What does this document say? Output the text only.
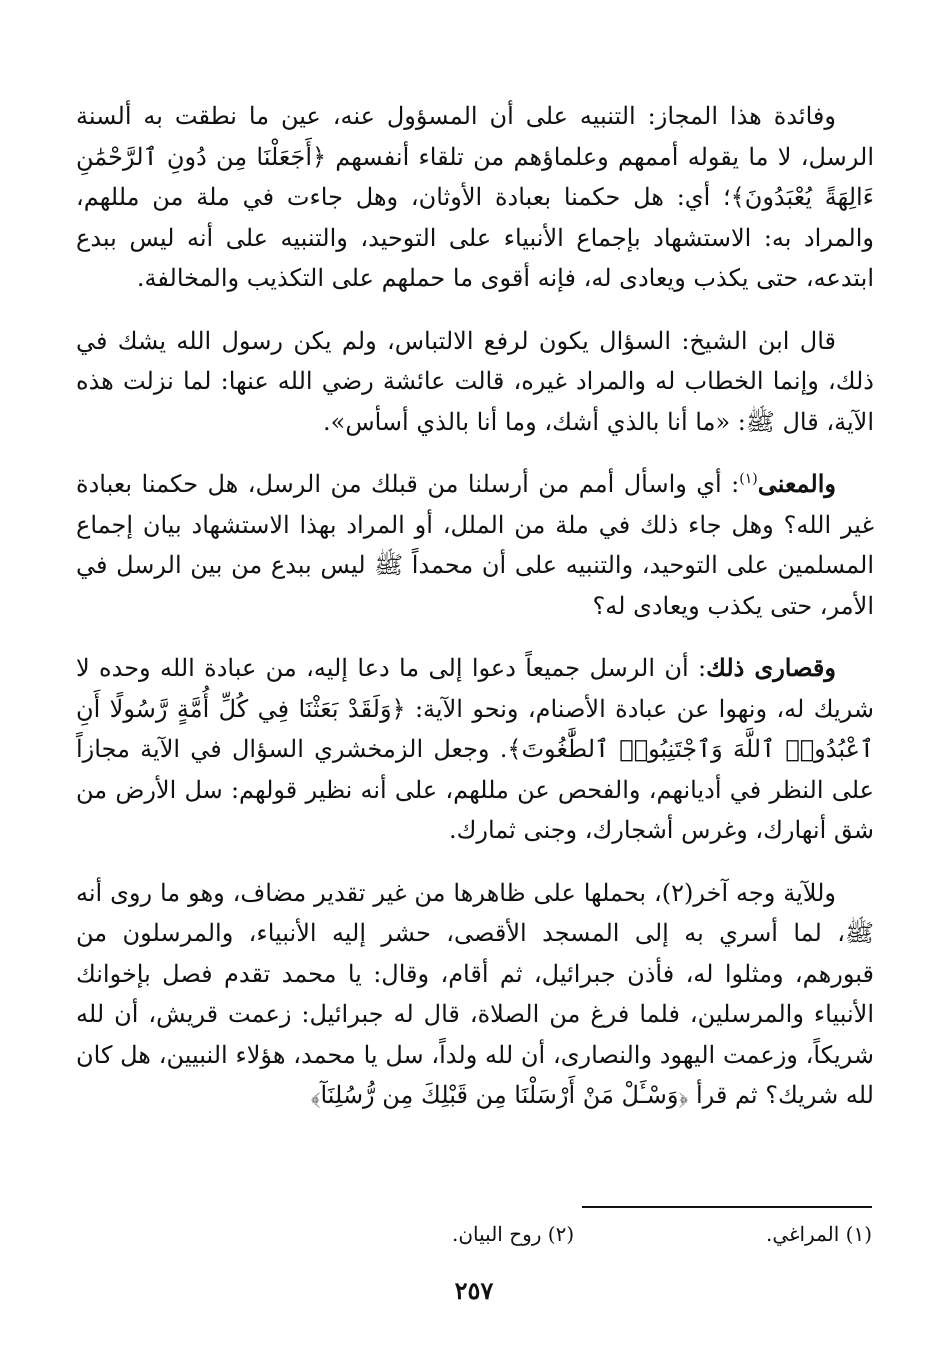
وفائدة هذا المجاز: التنبيه على أن المسؤول عنه، عين ما نطقت به ألسنة الرسل، لا ما يقوله أممهم وعلماؤهم من تلقاء أنفسهم ﴿أَجَعَلْنَا مِن دُونِ ٱلرَّحْمَٰنِ ءَالِهَةً يُعْبَدُونَ﴾؛ أي: هل حكمنا بعبادة الأوثان، وهل جاءت في ملة من مللهم، والمراد به: الاستشهاد بإجماع الأنبياء على التوحيد، والتنبيه على أنه ليس ببدع ابتدعه، حتى يكذب ويعادى له، فإنه أقوى ما حملهم على التكذيب والمخالفة.

قال ابن الشيخ: السؤال يكون لرفع الالتباس، ولم يكن رسول الله يشك في ذلك، وإنما الخطاب له والمراد غيره، قالت عائشة رضي الله عنها: لما نزلت هذه الآية، قال ﷺ: «ما أنا بالذي أشك، وما أنا بالذي أسأس».

والمعنى$^{(١)}$: أي واسأل أمم من أرسلنا من قبلك من الرسل، هل حكمنا بعبادة غير الله؟ وهل جاء ذلك في ملة من الملل، أو المراد بهذا الاستشهاد بيان إجماع المسلمين على التوحيد، والتنبيه على أن محمداً ﷺ ليس ببدع من بين الرسل في الأمر، حتى يكذب ويعادى له؟

وقصارى ذلك: أن الرسل جميعاً دعوا إلى ما دعا إليه، من عبادة الله وحده لا شريك له، ونهوا عن عبادة الأصنام، ونحو الآية: ﴿وَلَقَدْ بَعَثْنَا فِي كُلِّ أُمَّةٍ رَّسُولًا أَنِ ٱعْبُدُوا۟ ٱللَّهَ وَٱجْتَنِبُوا۟ ٱلطَّٰغُوتَ﴾. وجعل الزمخشري السؤال في الآية مجازاً على النظر في أديانهم، والفحص عن مللهم، على أنه نظير قولهم: سل الأرض من شق أنهارك، وغرس أشجارك، وجنى ثمارك.

وللآية وجه آخر(٢)، بحملها على ظاهرها من غير تقدير مضاف، وهو ما روى أنه ﷺ، لما أسري به إلى المسجد الأقصى، حشر إليه الأنبياء، والمرسلون من قبورهم، ومثلوا له، فأذن جبرائيل، ثم أقام، وقال: يا محمد تقدم فصل بإخوانك الأنبياء والمرسلين، فلما فرغ من الصلاة، قال له جبرائيل: زعمت قريش، أن لله شريكاً، وزعمت اليهود والنصارى، أن لله ولداً، سل يا محمد، هؤلاء النبيين، هل كان لله شريك؟ ثم قرأ ﴿وَسْـَٔلْ مَنْ أَرْسَلْنَا مِن قَبْلِكَ مِن رُّسُلِنَآ﴾

(١) المراغي.
(٢) روح البيان.
٢٥٧
